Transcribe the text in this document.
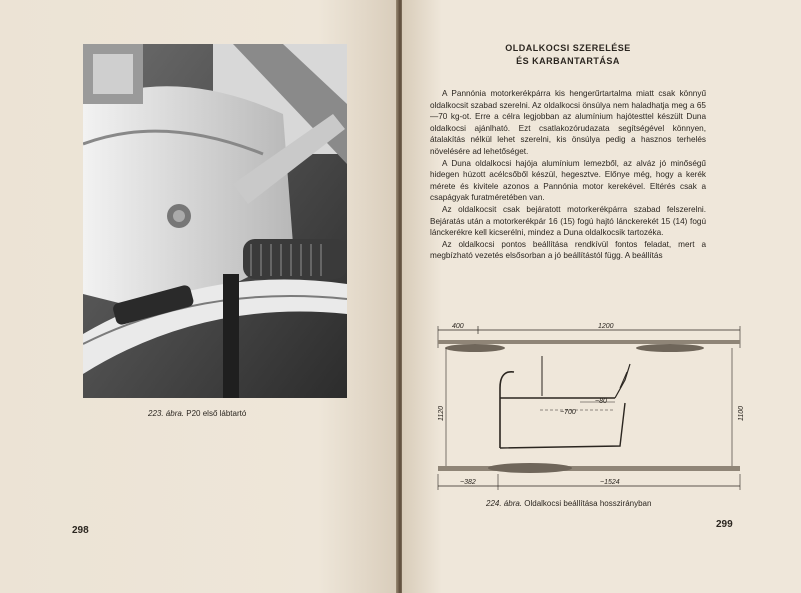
223. ábra. P20 első lábtartó
298
OLDALKOCSI SZERELÉSE
ÉS KARBANTARTÁSA

A Pannónia motorkerékpárra kis hengerűrtartalma miatt csak könnyű oldalkocsit szabad szerelni. Az oldalkocsi önsúlya nem haladhatja meg a 65—70 kg-ot. Erre a célra legjobban az alumínium hajótesttel készült Duna oldalkocsi ajánlható. Ezt csatlakozórudazata segítségével könnyen, átalakítás nélkül lehet szerelni, kis önsúlya pedig a hasznos terhelés növelésére ad lehetőséget.

A Duna oldalkocsi hajója alumínium lemezből, az alváz jó minőségű hidegen húzott acélcsőből készül, hegesztve. Előnye még, hogy a kerék mérete és kivitele azonos a Pannónia motor kerekével. Eltérés csak a csapágyak furatméretében van.

Az oldalkocsit csak bejáratott motorkerékpárra szabad felszerelni. Bejáratás után a motorkerékpár 16 (15) fogú hajtó lánckerekét 15 (14) fogú lánckerékre kell kicserélni, mindez a Duna oldalkocsik tartozéka.

Az oldalkocsi pontos beállítása rendkívül fontos feladat, mert a megbízható vezetés elsősorban a jó beállítástól függ. A beállítás

400	1200
1120	1100
~700
~80
~382	~1524
224. ábra. Oldalkocsi beállítása hosszirányban
299
